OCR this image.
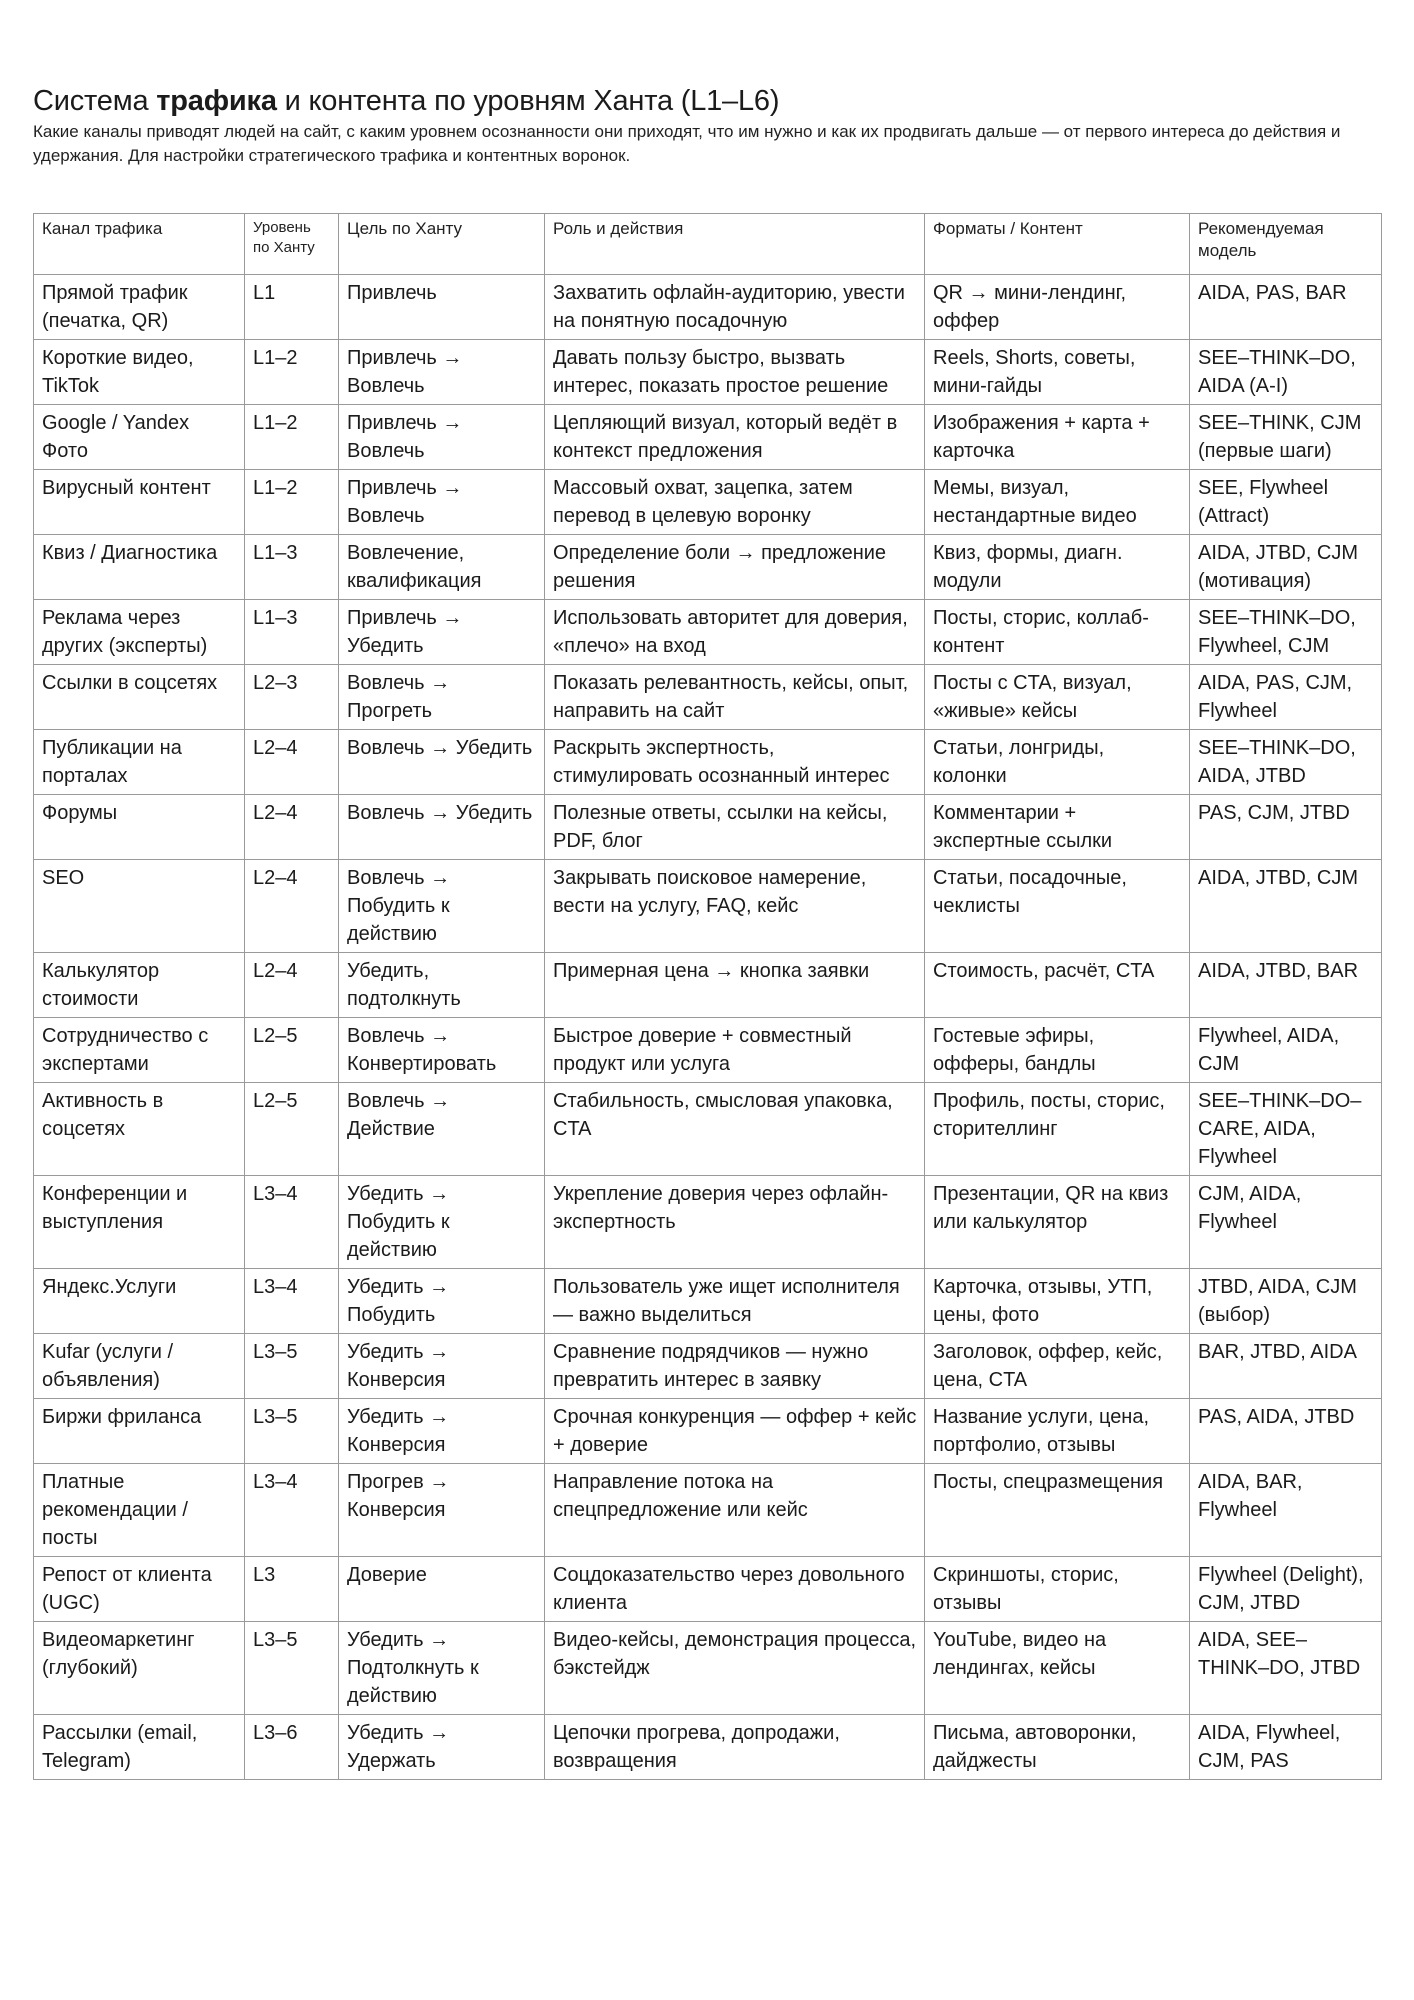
Система трафика и контента по уровням Ханта (L1–L6)

Какие каналы приводят людей на сайт, с каким уровнем осознанности они приходят, что им нужно и как их продвигать дальше — от первого интереса до действия и удержания. Для настройки стратегического трафика и контентных воронок.

Канал трафика	Уровень по Ханту	Цель по Ханту	Роль и действия	Форматы / Контент	Рекомендуемая модель
Прямой трафик (печатка, QR)	L1	Привлечь	Захватить офлайн-аудиторию, увести на понятную посадочную	QR → мини-лендинг, оффер	AIDA, PAS, BAR
Короткие видео, TikTok	L1–2	Привлечь → Вовлечь	Давать пользу быстро, вызвать интерес, показать простое решение	Reels, Shorts, советы, мини-гайды	SEE–THINK–DO, AIDA (A-I)
Google / Yandex Фото	L1–2	Привлечь → Вовлечь	Цепляющий визуал, который ведёт в контекст предложения	Изображения + карта + карточка	SEE–THINK, CJM (первые шаги)
Вирусный контент	L1–2	Привлечь → Вовлечь	Массовый охват, зацепка, затем перевод в целевую воронку	Мемы, визуал, нестандартные видео	SEE, Flywheel (Attract)
Квиз / Диагностика	L1–3	Вовлечение, квалификация	Определение боли → предложение решения	Квиз, формы, диагн. модули	AIDA, JTBD, CJM (мотивация)
Реклама через других (эксперты)	L1–3	Привлечь → Убедить	Использовать авторитет для доверия, «плечо» на вход	Посты, сторис, коллаб-контент	SEE–THINK–DO, Flywheel, CJM
Ссылки в соцсетях	L2–3	Вовлечь → Прогреть	Показать релевантность, кейсы, опыт, направить на сайт	Посты с CTA, визуал, «живые» кейсы	AIDA, PAS, CJM, Flywheel
Публикации на порталах	L2–4	Вовлечь → Убедить	Раскрыть экспертность, стимулировать осознанный интерес	Статьи, лонгриды, колонки	SEE–THINK–DO, AIDA, JTBD
Форумы	L2–4	Вовлечь → Убедить	Полезные ответы, ссылки на кейсы, PDF, блог	Комментарии + экспертные ссылки	PAS, CJM, JTBD
SEO	L2–4	Вовлечь → Побудить к действию	Закрывать поисковое намерение, вести на услугу, FAQ, кейс	Статьи, посадочные, чеклисты	AIDA, JTBD, CJM
Калькулятор стоимости	L2–4	Убедить, подтолкнуть	Примерная цена → кнопка заявки	Стоимость, расчёт, CTA	AIDA, JTBD, BAR
Сотрудничество с экспертами	L2–5	Вовлечь → Конвертировать	Быстрое доверие + совместный продукт или услуга	Гостевые эфиры, офферы, бандлы	Flywheel, AIDA, CJM
Активность в соцсетях	L2–5	Вовлечь → Действие	Стабильность, смысловая упаковка, CTA	Профиль, посты, сторис, сторителлинг	SEE–THINK–DO–CARE, AIDA, Flywheel
Конференции и выступления	L3–4	Убедить → Побудить к действию	Укрепление доверия через офлайн-экспертность	Презентации, QR на квиз или калькулятор	CJM, AIDA, Flywheel
Яндекс.Услуги	L3–4	Убедить → Побудить	Пользователь уже ищет исполнителя — важно выделиться	Карточка, отзывы, УТП, цены, фото	JTBD, AIDA, CJM (выбор)
Kufar (услуги / объявления)	L3–5	Убедить → Конверсия	Сравнение подрядчиков — нужно превратить интерес в заявку	Заголовок, оффер, кейс, цена, CTA	BAR, JTBD, AIDA
Биржи фриланса	L3–5	Убедить → Конверсия	Срочная конкуренция — оффер + кейс + доверие	Название услуги, цена, портфолио, отзывы	PAS, AIDA, JTBD
Платные рекомендации / посты	L3–4	Прогрев → Конверсия	Направление потока на спецпредложение или кейс	Посты, спецразмещения	AIDA, BAR, Flywheel
Репост от клиента (UGC)	L3	Доверие	Соцдоказательство через довольного клиента	Скриншоты, сторис, отзывы	Flywheel (Delight), CJM, JTBD
Видеомаркетинг (глубокий)	L3–5	Убедить → Подтолкнуть к действию	Видео-кейсы, демонстрация процесса, бэкстейдж	YouTube, видео на лендингах, кейсы	AIDA, SEE–THINK–DO, JTBD
Рассылки (email, Telegram)	L3–6	Убедить → Удержать	Цепочки прогрева, допродажи, возвращения	Письма, автоворонки, дайджесты	AIDA, Flywheel, CJM, PAS
